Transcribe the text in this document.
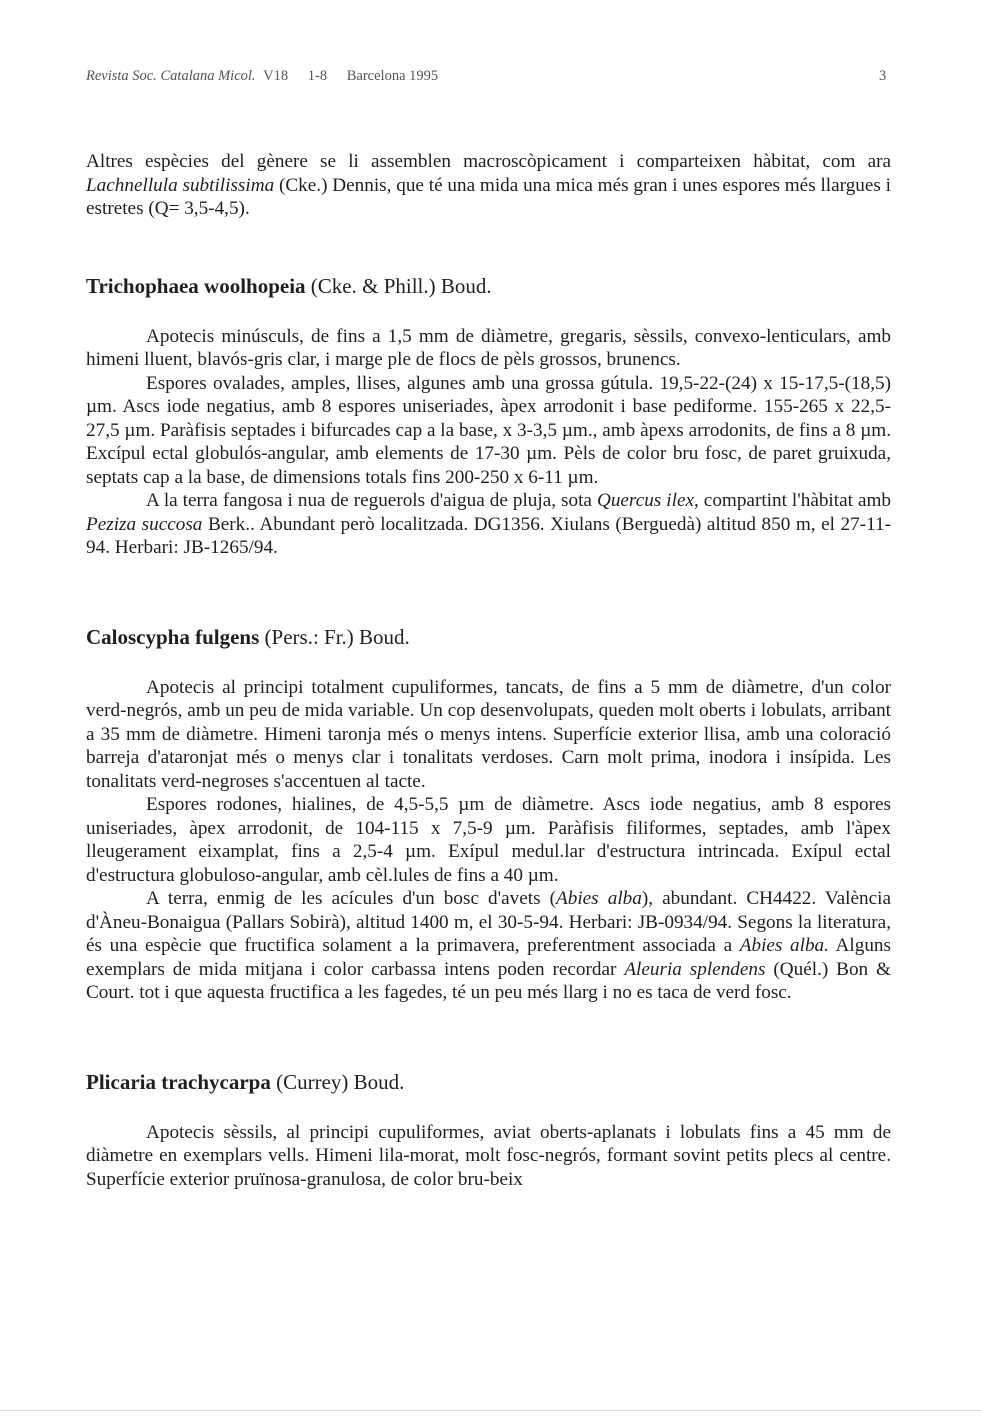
Revista Soc. Catalana Micol. V18 1-8 Barcelona 1995	3

Altres espècies del gènere se li assemblen macroscòpicament i comparteixen hàbitat, com ara Lachnellula subtilissima (Cke.) Dennis, que té una mida una mica més gran i unes espores més llargues i estretes (Q= 3,5-4,5).

Trichophaea woolhopeia (Cke. & Phill.) Boud.

Apotecis minúsculs, de fins a 1,5 mm de diàmetre, gregaris, sèssils, convexo-lenticulars, amb himeni lluent, blavós-gris clar, i marge ple de flocs de pèls grossos, brunencs.

Espores ovalades, amples, llises, algunes amb una grossa gútula. 19,5-22-(24) x 15-17,5-(18,5) µm. Ascs iode negatius, amb 8 espores uniseriades, àpex arrodonit i base pediforme. 155-265 x 22,5-27,5 µm. Paràfisis septades i bifurcades cap a la base, x 3-3,5 µm., amb àpexs arrodonits, de fins a 8 µm. Excípul ectal globulós-angular, amb elements de 17-30 µm. Pèls de color bru fosc, de paret gruixuda, septats cap a la base, de dimensions totals fins 200-250 x 6-11 µm.

A la terra fangosa i nua de reguerols d'aigua de pluja, sota Quercus ilex, compartint l'hàbitat amb Peziza succosa Berk.. Abundant però localitzada. DG1356. Xiulans (Berguedà) altitud 850 m, el 27-11-94. Herbari: JB-1265/94.

Caloscypha fulgens (Pers.: Fr.) Boud.

Apotecis al principi totalment cupuliformes, tancats, de fins a 5 mm de diàmetre, d'un color verd-negrós, amb un peu de mida variable. Un cop desenvolupats, queden molt oberts i lobulats, arribant a 35 mm de diàmetre. Himeni taronja més o menys intens. Superfície exterior llisa, amb una coloració barreja d'ataronjat més o menys clar i tonalitats verdoses. Carn molt prima, inodora i insípida. Les tonalitats verd-negroses s'accentuen al tacte.

Espores rodones, hialines, de 4,5-5,5 µm de diàmetre. Ascs iode negatius, amb 8 espores uniseriades, àpex arrodonit, de 104-115 x 7,5-9 µm. Paràfisis filiformes, septades, amb l'àpex lleugerament eixamplat, fins a 2,5-4 µm. Exípul medul.lar d'estructura intrincada. Exípul ectal d'estructura globuloso-angular, amb cèl.lules de fins a 40 µm.

A terra, enmig de les acícules d'un bosc d'avets (Abies alba), abundant. CH4422. València d'Àneu-Bonaigua (Pallars Sobirà), altitud 1400 m, el 30-5-94. Herbari: JB-0934/94. Segons la literatura, és una espècie que fructifica solament a la primavera, preferentment associada a Abies alba. Alguns exemplars de mida mitjana i color carbassa intens poden recordar Aleuria splendens (Quél.) Bon & Court. tot i que aquesta fructifica a les fagedes, té un peu més llarg i no es taca de verd fosc.

Plicaria trachycarpa (Currey) Boud.

Apotecis sèssils, al principi cupuliformes, aviat oberts-aplanats i lobulats fins a 45 mm de diàmetre en exemplars vells. Himeni lila-morat, molt fosc-negrós, formant sovint petits plecs al centre. Superfície exterior pruïnosa-granulosa, de color bru-beix
